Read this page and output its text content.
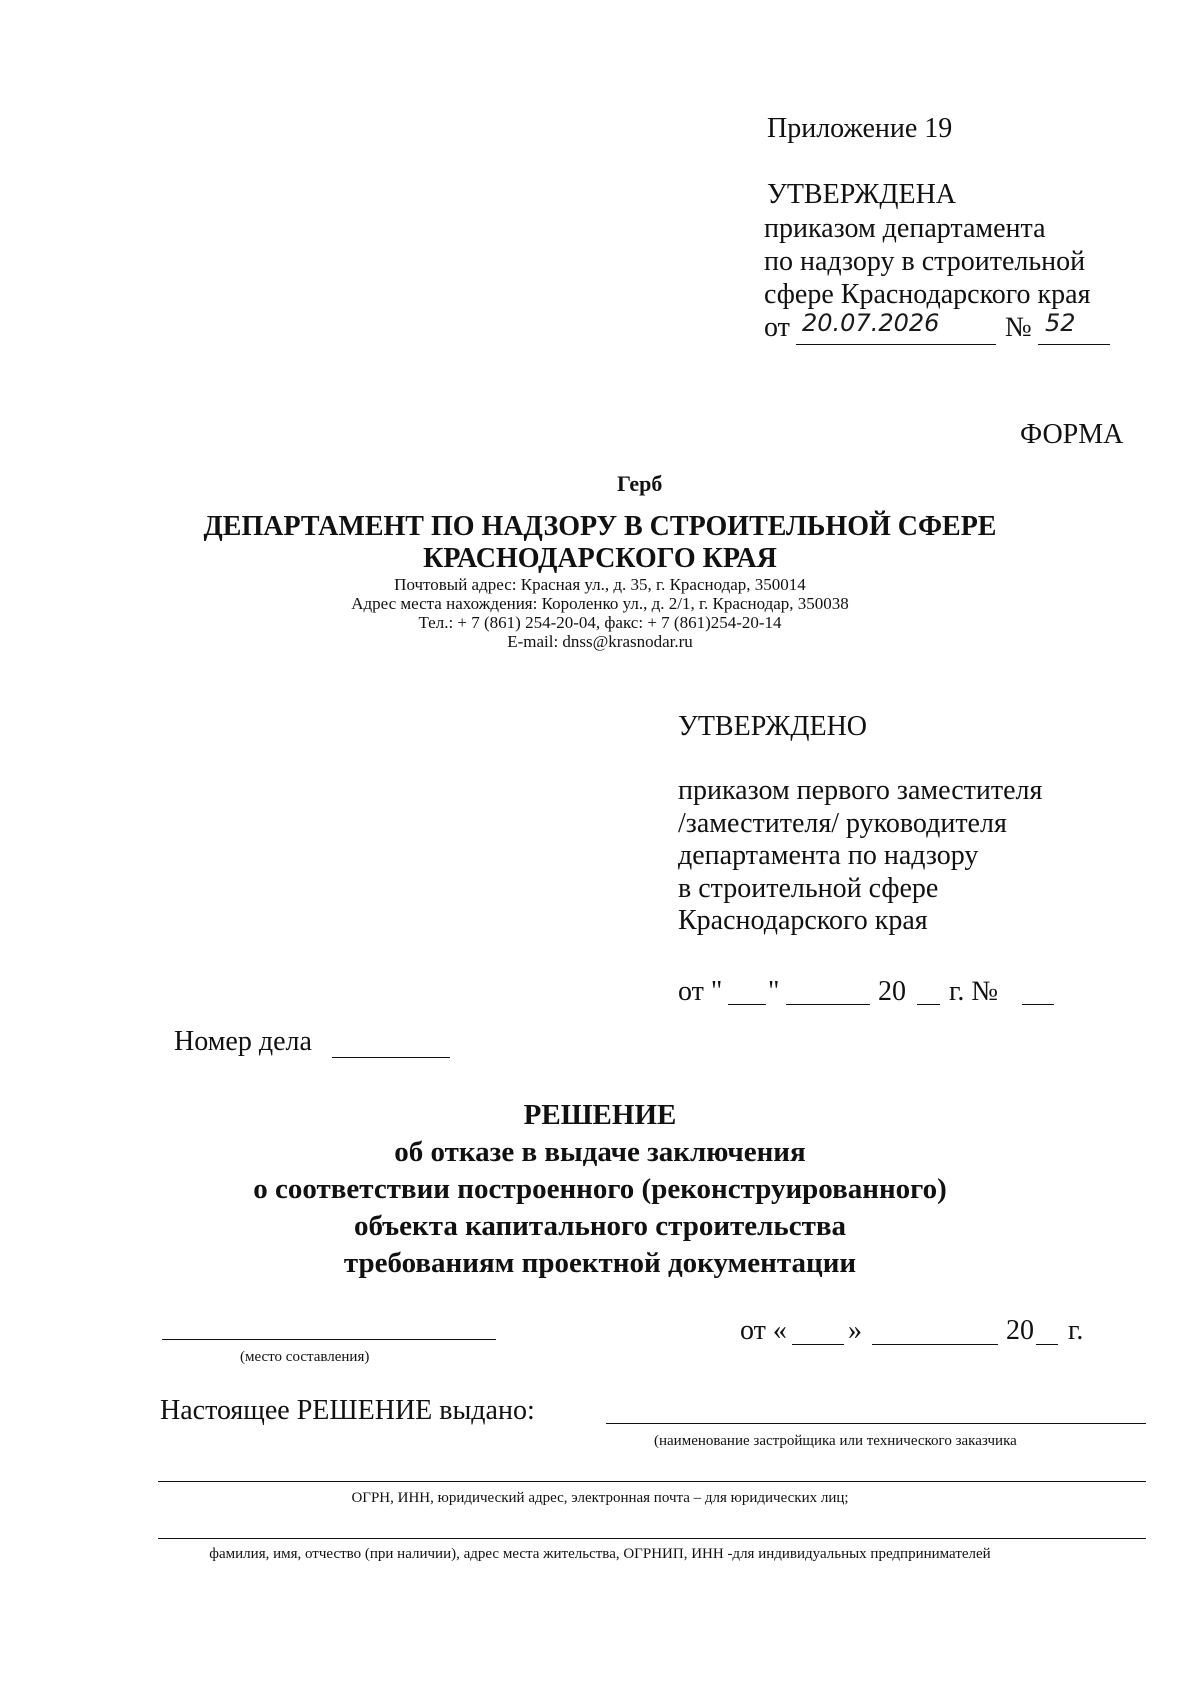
Приложение 19
УТВЕРЖДЕНА
приказом департамента
по надзору в строительной
сфере Краснодарского края
от 20.07.2026 № 52
ФОРМА
Герб
ДЕПАРТАМЕНТ ПО НАДЗОРУ В СТРОИТЕЛЬНОЙ СФЕРЕ
КРАСНОДАРСКОГО КРАЯ
Почтовый адрес: Красная ул., д. 35, г. Краснодар, 350014
Адрес места нахождения: Короленко ул., д. 2/1, г. Краснодар, 350038
Тел.: + 7 (861) 254-20-04, факс: + 7 (861)254-20-14
E-mail: dnss@krasnodar.ru
УТВЕРЖДЕНО
приказом первого заместителя
/заместителя/ руководителя
департамента по надзору
в строительной сфере
Краснодарского края
от " "	20 г. №
Номер дела
РЕШЕНИЕ
об отказе в выдаче заключения
о соответствии построенного (реконструированного)
объекта капитального строительства
требованиям проектной документации
(место составления)
от « »	20 г.
Настоящее РЕШЕНИЕ выдано:
(наименование застройщика или технического заказчика
ОГРН, ИНН, юридический адрес, электронная почта – для юридических лиц;
фамилия, имя, отчество (при наличии), адрес места жительства, ОГРНИП, ИНН -для индивидуальных предпринимателей
